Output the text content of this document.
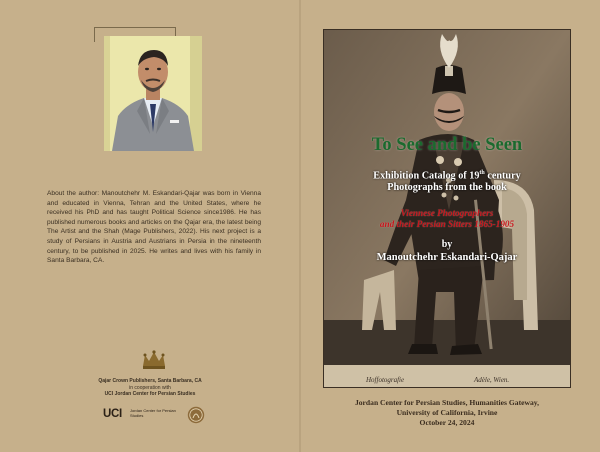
About the author: Manoutchehr M. Eskandari-Qajar was born in Vienna and educated in Vienna, Tehran and the United States, where he received his PhD and has taught Political Science since1986. He has published numerous books and articles on the Qajar era, the latest being The Artist and the Shah (Mage Publishers, 2022). His next project is a study of Persians in Austria and Austrians in Persia in the nineteenth century, to be published in 2025. He writes and lives with his family in Santa Barbara, CA.

Qajar Crown Publishers, Santa Barbara, CA
in cooperation with
UCI Jordan Center for Persian Studies
UCI Jordan Center for Persian Studies
Hoffotografie	Adèle, Wien.
To See and be Seen
Exhibition Catalog of 19th century
Photographs from the book
Viennese Photographers
and their Persian Sitters 1865-1905
by
Manoutchehr Eskandari-Qajar
Jordan Center for Persian Studies, Humanities Gateway,
University of California, Irvine
October 24, 2024
